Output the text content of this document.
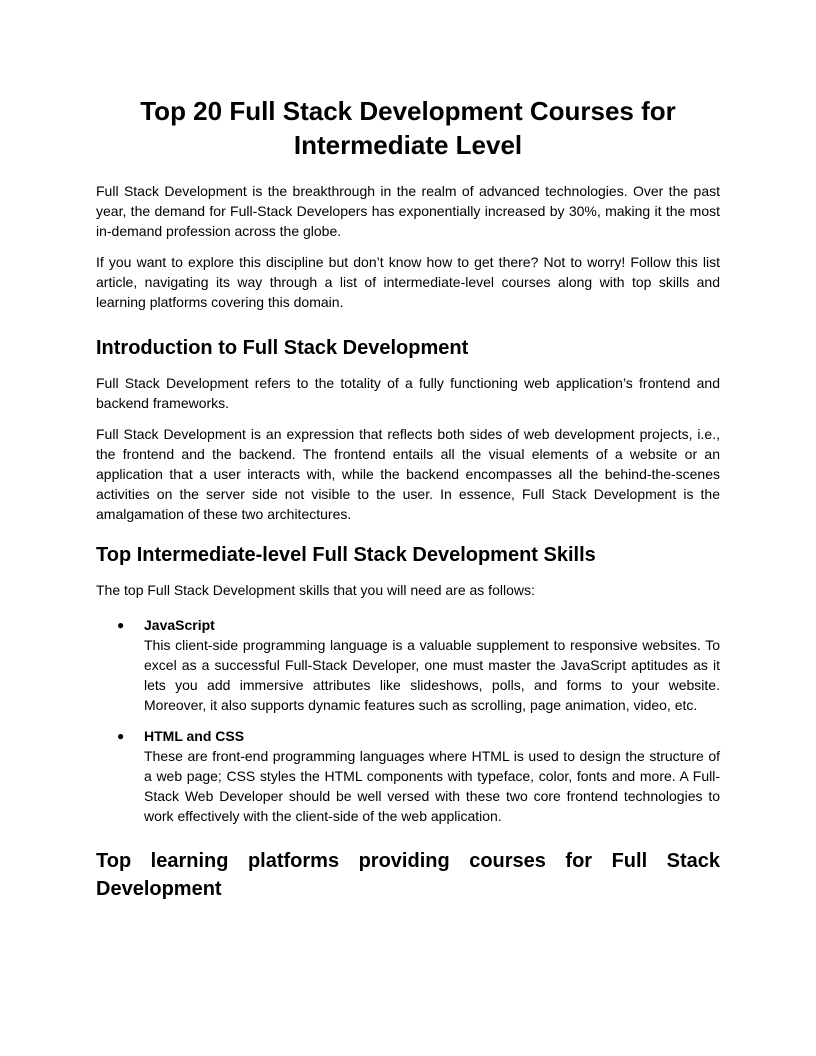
Top 20 Full Stack Development Courses for Intermediate Level

Full Stack Development is the breakthrough in the realm of advanced technologies. Over the past year, the demand for Full-Stack Developers has exponentially increased by 30%, making it the most in-demand profession across the globe.

If you want to explore this discipline but don’t know how to get there? Not to worry! Follow this list article, navigating its way through a list of intermediate-level courses along with top skills and learning platforms covering this domain.

Introduction to Full Stack Development

Full Stack Development refers to the totality of a fully functioning web application’s frontend and backend frameworks.

Full Stack Development is an expression that reflects both sides of web development projects, i.e., the frontend and the backend. The frontend entails all the visual elements of a website or an application that a user interacts with, while the backend encompasses all the behind-the-scenes activities on the server side not visible to the user. In essence, Full Stack Development is the amalgamation of these two architectures.

Top Intermediate-level Full Stack Development Skills

The top Full Stack Development skills that you will need are as follows:

● JavaScript

This client-side programming language is a valuable supplement to responsive websites. To excel as a successful Full-Stack Developer, one must master the JavaScript aptitudes as it lets you add immersive attributes like slideshows, polls, and forms to your website. Moreover, it also supports dynamic features such as scrolling, page animation, video, etc.

● HTML and CSS

These are front-end programming languages where HTML is used to design the structure of a web page; CSS styles the HTML components with typeface, color, fonts and more. A Full-Stack Web Developer should be well versed with these two core frontend technologies to work effectively with the client-side of the web application.

Top learning platforms providing courses for Full Stack Development
